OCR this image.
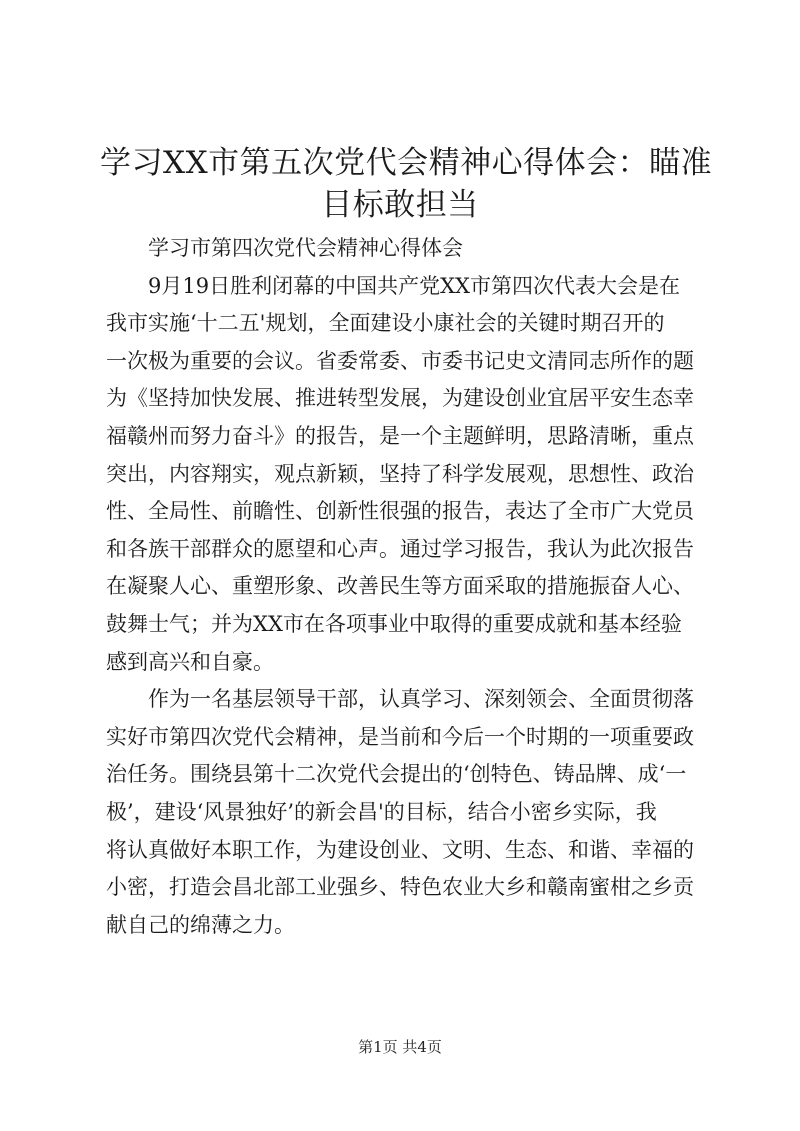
学习XX市第五次党代会精神心得体会：瞄准
目标敢担当
学习市第四次党代会精神心得体会
9月19日胜利闭幕的中国共产党XX市第四次代表大会是在
我市实施‘十二五'规划，全面建设小康社会的关键时期召开的
一次极为重要的会议。省委常委、市委书记史文清同志所作的题
为《坚持加快发展、推进转型发展，为建设创业宜居平安生态幸
福赣州而努力奋斗》的报告，是一个主题鲜明，思路清晰，重点
突出，内容翔实，观点新颖，坚持了科学发展观，思想性、政治
性、全局性、前瞻性、创新性很强的报告，表达了全市广大党员
和各族干部群众的愿望和心声。通过学习报告，我认为此次报告
在凝聚人心、重塑形象、改善民生等方面采取的措施振奋人心、
鼓舞士气；并为XX市在各项事业中取得的重要成就和基本经验
感到高兴和自豪。
作为一名基层领导干部，认真学习、深刻领会、全面贯彻落
实好市第四次党代会精神，是当前和今后一个时期的一项重要政
治任务。围绕县第十二次党代会提出的‘创特色、铸品牌、成‘一
极’，建设‘风景独好’的新会昌'的目标，结合小密乡实际，我
将认真做好本职工作，为建设创业、文明、生态、和谐、幸福的
小密，打造会昌北部工业强乡、特色农业大乡和赣南蜜柑之乡贡
献自己的绵薄之力。
第1页 共4页
